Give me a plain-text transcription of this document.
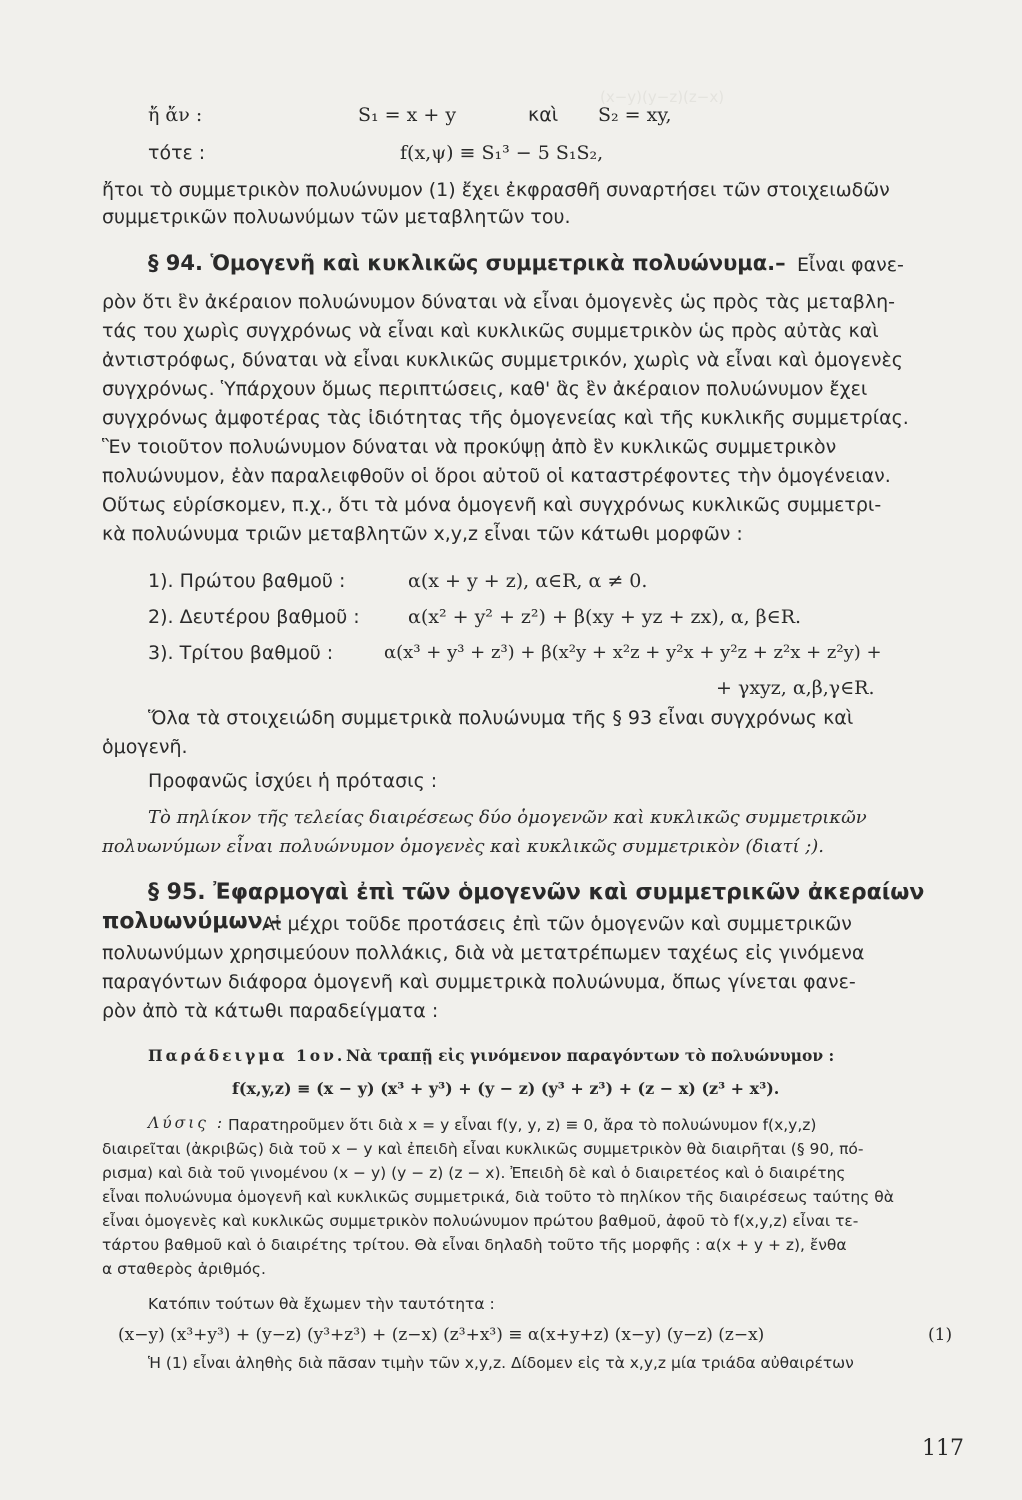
(x−y)(y−z)(z−x)
ἤ ἄν :	S₁ = x + y	καὶ S₂ = xy,
τότε :	f(x,ψ) ≡ S₁³ − 5 S₁S₂,
ἤτοι τὸ συμμετρικὸν πολυώνυμον (1) ἔχει ἐκφρασθῆ συναρτήσει τῶν στοιχειωδῶν
συμμετρικῶν πολυωνύμων τῶν μεταβλητῶν του.
§ 94. Ὁμογενῆ καὶ κυκλικῶς συμμετρικὰ πολυώνυμα.– Εἶναι φανε-
ρὸν ὅτι ἓν ἀκέραιον πολυώνυμον δύναται νὰ εἶναι ὁμογενὲς ὡς πρὸς τὰς μεταβλη-
τάς του χωρὶς συγχρόνως νὰ εἶναι καὶ κυκλικῶς συμμετρικὸν ὡς πρὸς αὐτὰς καὶ
ἀντιστρόφως, δύναται νὰ εἶναι κυκλικῶς συμμετρικόν, χωρὶς νὰ εἶναι καὶ ὁμογενὲς
συγχρόνως. Ὑπάρχουν ὅμως περιπτώσεις, καθ' ἃς ἓν ἀκέραιον πολυώνυμον ἔχει
συγχρόνως ἀμφοτέρας τὰς ἰδιότητας τῆς ὁμογενείας καὶ τῆς κυκλικῆς συμμετρίας.
Ἓν τοιοῦτον πολυώνυμον δύναται νὰ προκύψῃ ἀπὸ ἓν κυκλικῶς συμμετρικὸν
πολυώνυμον, ἐὰν παραλειφθοῦν οἱ ὅροι αὐτοῦ οἱ καταστρέφοντες τὴν ὁμογένειαν.
Οὕτως εὑρίσκομεν, π.χ., ὅτι τὰ μόνα ὁμογενῆ καὶ συγχρόνως κυκλικῶς συμμετρι-
κὰ πολυώνυμα τριῶν μεταβλητῶν x,y,z εἶναι τῶν κάτωθι μορφῶν :
1). Πρώτου βαθμοῦ :	α(x + y + z), α∈R, α ≠ 0.
2). Δευτέρου βαθμοῦ :	α(x² + y² + z²) + β(xy + yz + zx), α, β∈R.
3). Τρίτου βαθμοῦ :	α(x³ + y³ + z³) + β(x²y + x²z + y²x + y²z + z²x + z²y) +
+ γxyz, α,β,γ∈R.
Ὅλα τὰ στοιχειώδη συμμετρικὰ πολυώνυμα τῆς § 93 εἶναι συγχρόνως καὶ
ὁμογενῆ.
Προφανῶς ἰσχύει ἡ πρότασις :
Τὸ πηλίκον τῆς τελείας διαιρέσεως δύο ὁμογενῶν καὶ κυκλικῶς συμμετρικῶν
πολυωνύμων εἶναι πολυώνυμον ὁμογενὲς καὶ κυκλικῶς συμμετρικὸν (διατί ;).
§ 95. Ἐφαρμογαὶ ἐπὶ τῶν ὁμογενῶν καὶ συμμετρικῶν ἀκεραίων
πολυωνύμων.–
Αἱ μέχρι τοῦδε προτάσεις ἐπὶ τῶν ὁμογενῶν καὶ συμμετρικῶν
πολυωνύμων χρησιμεύουν πολλάκις, διὰ νὰ μετατρέπωμεν ταχέως εἰς γινόμενα
παραγόντων διάφορα ὁμογενῆ καὶ συμμετρικὰ πολυώνυμα, ὅπως γίνεται φανε-
ρὸν ἀπὸ τὰ κάτωθι παραδείγματα :
Παράδειγμα 1ον. Νὰ τραπῇ εἰς γινόμενον παραγόντων τὸ πολυώνυμον :
f(x,y,z) ≡ (x − y) (x³ + y³) + (y − z) (y³ + z³) + (z − x) (z³ + x³).
Λύσις : Παρατηροῦμεν ὅτι διὰ x = y εἶναι f(y, y, z) ≡ 0, ἄρα τὸ πολυώνυμον f(x,y,z)
διαιρεῖται (ἀκριβῶς) διὰ τοῦ x − y καὶ ἐπειδὴ εἶναι κυκλικῶς συμμετρικὸν θὰ διαιρῆται (§ 90, πό-
ρισμα) καὶ διὰ τοῦ γινομένου (x − y) (y − z) (z − x). Ἐπειδὴ δὲ καὶ ὁ διαιρετέος καὶ ὁ διαιρέτης
εἶναι πολυώνυμα ὁμογενῆ καὶ κυκλικῶς συμμετρικά, διὰ τοῦτο τὸ πηλίκον τῆς διαιρέσεως ταύτης θὰ
εἶναι ὁμογενὲς καὶ κυκλικῶς συμμετρικὸν πολυώνυμον πρώτου βαθμοῦ, ἀφοῦ τὸ f(x,y,z) εἶναι τε-
τάρτου βαθμοῦ καὶ ὁ διαιρέτης τρίτου. Θὰ εἶναι δηλαδὴ τοῦτο τῆς μορφῆς : α(x + y + z), ἔνθα
α σταθερὸς ἀριθμός.
Κατόπιν τούτων θὰ ἔχωμεν τὴν ταυτότητα :
(x−y) (x³+y³) + (y−z) (y³+z³) + (z−x) (z³+x³) ≡ α(x+y+z) (x−y) (y−z) (z−x)	(1)
Ἡ (1) εἶναι ἀληθὴς διὰ πᾶσαν τιμὴν τῶν x,y,z. Δίδομεν εἰς τὰ x,y,z μία τριάδα αὐθαιρέτων
117
